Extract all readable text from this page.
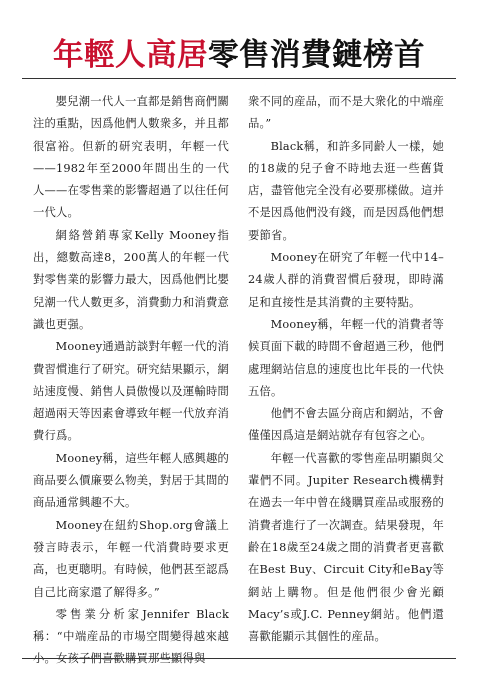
年輕人高居零售消費鏈榜首

嬰兒潮一代人一直都是銷售商們關注的重點，因爲他們人數衆多，并且都很富裕。但新的研究表明，年輕一代——1982年至2000年間出生的一代人——在零售業的影響超過了以往任何一代人。

網絡營銷專家Kelly Mooney指出，總數高達8，200萬人的年輕一代對零售業的影響力最大，因爲他們比嬰兒潮一代人數更多，消費動力和消費意識也更强。

Mooney通過訪談對年輕一代的消費習慣進行了研究。研究結果顯示，網站速度慢、銷售人員傲慢以及運輸時間超過兩天等因素會導致年輕一代放弃消費行爲。

Mooney稱，這些年輕人感興趣的商品要么價廉要么物美，對居于其間的商品通常興趣不大。

Mooney在紐約Shop.org會議上發言時表示，年輕一代消費時要求更高，也更聰明。有時候，他們甚至認爲自己比商家還了解得多。”

零售業分析家Jennifer Black稱：“中端産品的市場空間變得越來越

衆不同的産品，而不是大衆化的中端産品。”

Black稱，和許多同齡人一樣，她的18歲的兒子會不時地去逛一些舊貨店，盡管他完全没有必要那樣做。這并不是因爲他們没有錢，而是因爲他們想要節省。

Mooney在研究了年輕一代中14–24歲人群的消費習慣后發現，即時滿足和直接性是其消費的主要特點。

Mooney稱，年輕一代的消費者等候頁面下載的時間不會超過三秒，他們處理網站信息的速度也比年長的一代快五倍。

他們不會去區分商店和網站，不會僅僅因爲這是網站就存有包容之心。

年輕一代喜歡的零售産品明顯與父輩們不同。Jupiter Research機構對在過去一年中曾在綫購買産品或服務的消費者進行了一次調查。結果發現，年齡在18歲至24歲之間的消費者更喜歡在Best Buy、Circuit City和eBay等網站上購物。但是他們很少會光顧Macy’s或J.C. Penney網站。他們還喜歡能顯示其個性的産品。
